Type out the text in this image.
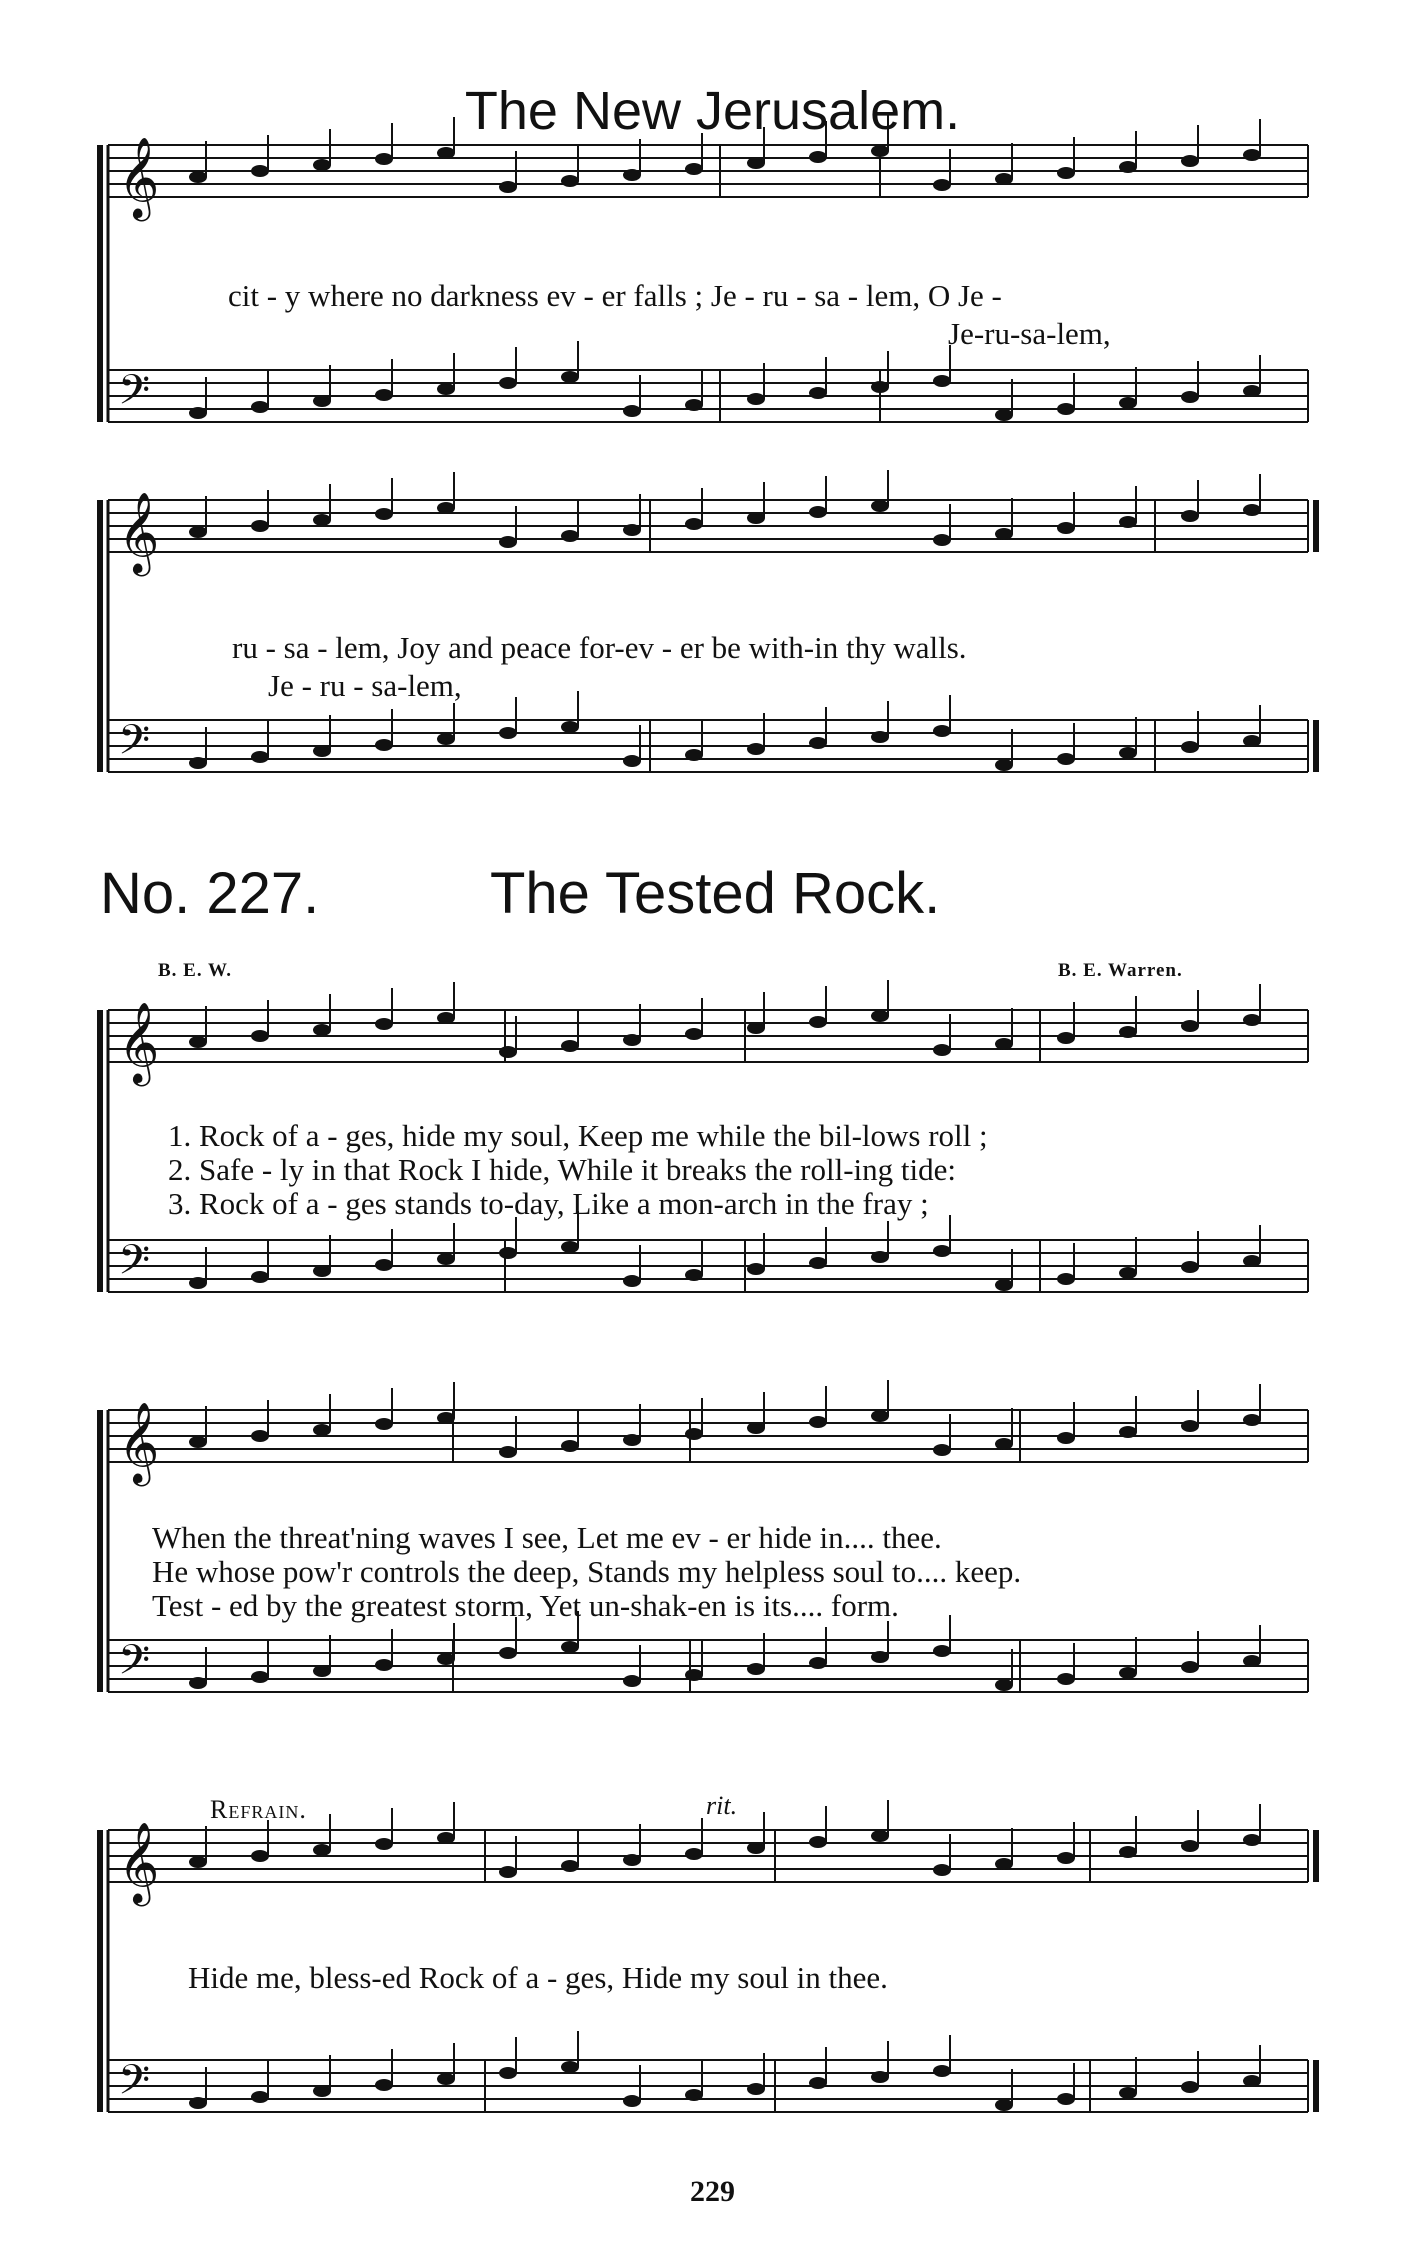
𝄞
𝄢
𝄞
𝄢
𝄞
𝄢
𝄞
𝄢
𝄞
𝄢
The New Jerusalem.
cit - y where no darkness ev - er falls ; Je - ru - sa - lem, O Je -
Je-ru-sa-lem,
ru - sa - lem, Joy and peace for-ev - er be with-in thy walls.
Je - ru - sa-lem,
No. 227.	The Tested Rock.
B. E. W.	B. E. Warren.
1. Rock of a - ges, hide my soul, Keep me while the bil-lows roll ;
2. Safe - ly in that Rock I hide, While it breaks the roll-ing tide:
3. Rock of a - ges stands to-day, Like a mon-arch in the fray ;
When the threat'ning waves I see, Let me ev - er hide in.... thee.
He whose pow'r controls the deep, Stands my helpless soul to.... keep.
Test - ed by the greatest storm, Yet un-shak-en is its.... form.
Refrain.	rit.
Hide me, bless-ed Rock of a - ges, Hide my soul in thee.
229
